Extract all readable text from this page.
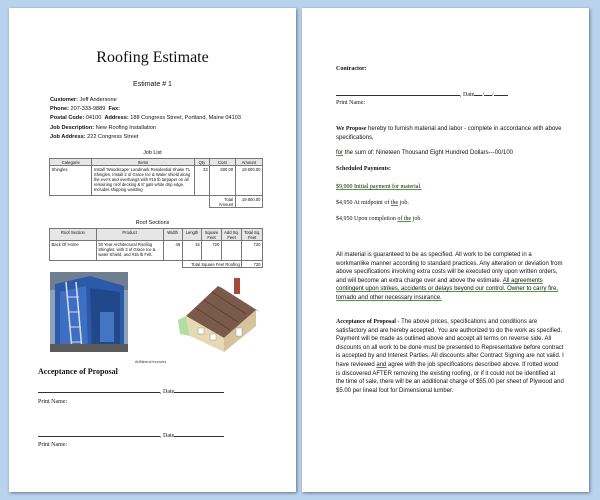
Roofing Estimate
Estimate # 1
Customer: Jeff Andersone
Phone: 207-333-9889 Fax:
Postal Code: 04100 Address: 188 Congress Street, Portland, Maine 04103
Job Description: New Roofing Installation
Job Address: 222 Congress Street
Job List
Categorie	Items	Qty	Cost	Amount
Shingles	Install 'Woodscape' Landmark Residential Shake TL Shingles, Install 2 of Grace Ice & Water shield along the eve's and overhangs with #15 lb tarpaper on all remaining roof decking & 8' gals white drip edge. Includes shipping waisting	33	600.00	19 800.00
			Total Amount	19 800.00
Roof Sections
Roof Section	Product	Width	Length	Square Feet	Add Sq. Feet	Total Sq. Feet
Back Of Home	30 Year Architectural Roofing Shingles, with 3 of Grace Ice & water Shield, and #15 lb Felt.	48	15	720		720
			Total Square Feet Roofing			720
ArtMineral Innovers
Acceptance of Proposal
, Date
Print Name:
, Date
Print Name:
Contractor:
, Date / /
Print Name:
We Propose hereby to furnish material and labor - complete in accordance with above specifications,
for the sum of: Nineteen Thousand Eight Hundred Dollars---00/100
Scheduled Payments:
$9,900 Initial payment for material.
$4,950 At midpoint of the job.
$4,950 Upon completion of the job.
All material is guaranteed to be as specified. All work to be completed in a workmanlike manner according to standard practices. Any alteration or deviation from above specifications involving extra costs will be executed only upon written orders, and will become an extra charge over and above the estimate. All agreements contingent upon strikes, accidents or delays beyond our control. Owner to carry fire, tornado and other necessary insurance.
Acceptance of Proposal - The above prices, specifications and conditions are satisfactory and are hereby accepted. You are authorized to do the work as specified. Payment will be made as outlined above and accept all terms on reverse side. All discounts on all work to be done must be presented to Representative before contract is accepted by and Interest Parties. All discounts after Contract Signing are not valid. I have reviewed and agree with the job specifications described above. If rotted wood is discovered AFTER removing the existing roofing, or if it could not be identified at the time of sale, there will be an additional charge of $55.00 per sheet of Plywood and $5.00 per lineal foot for Dimensional lumber.
